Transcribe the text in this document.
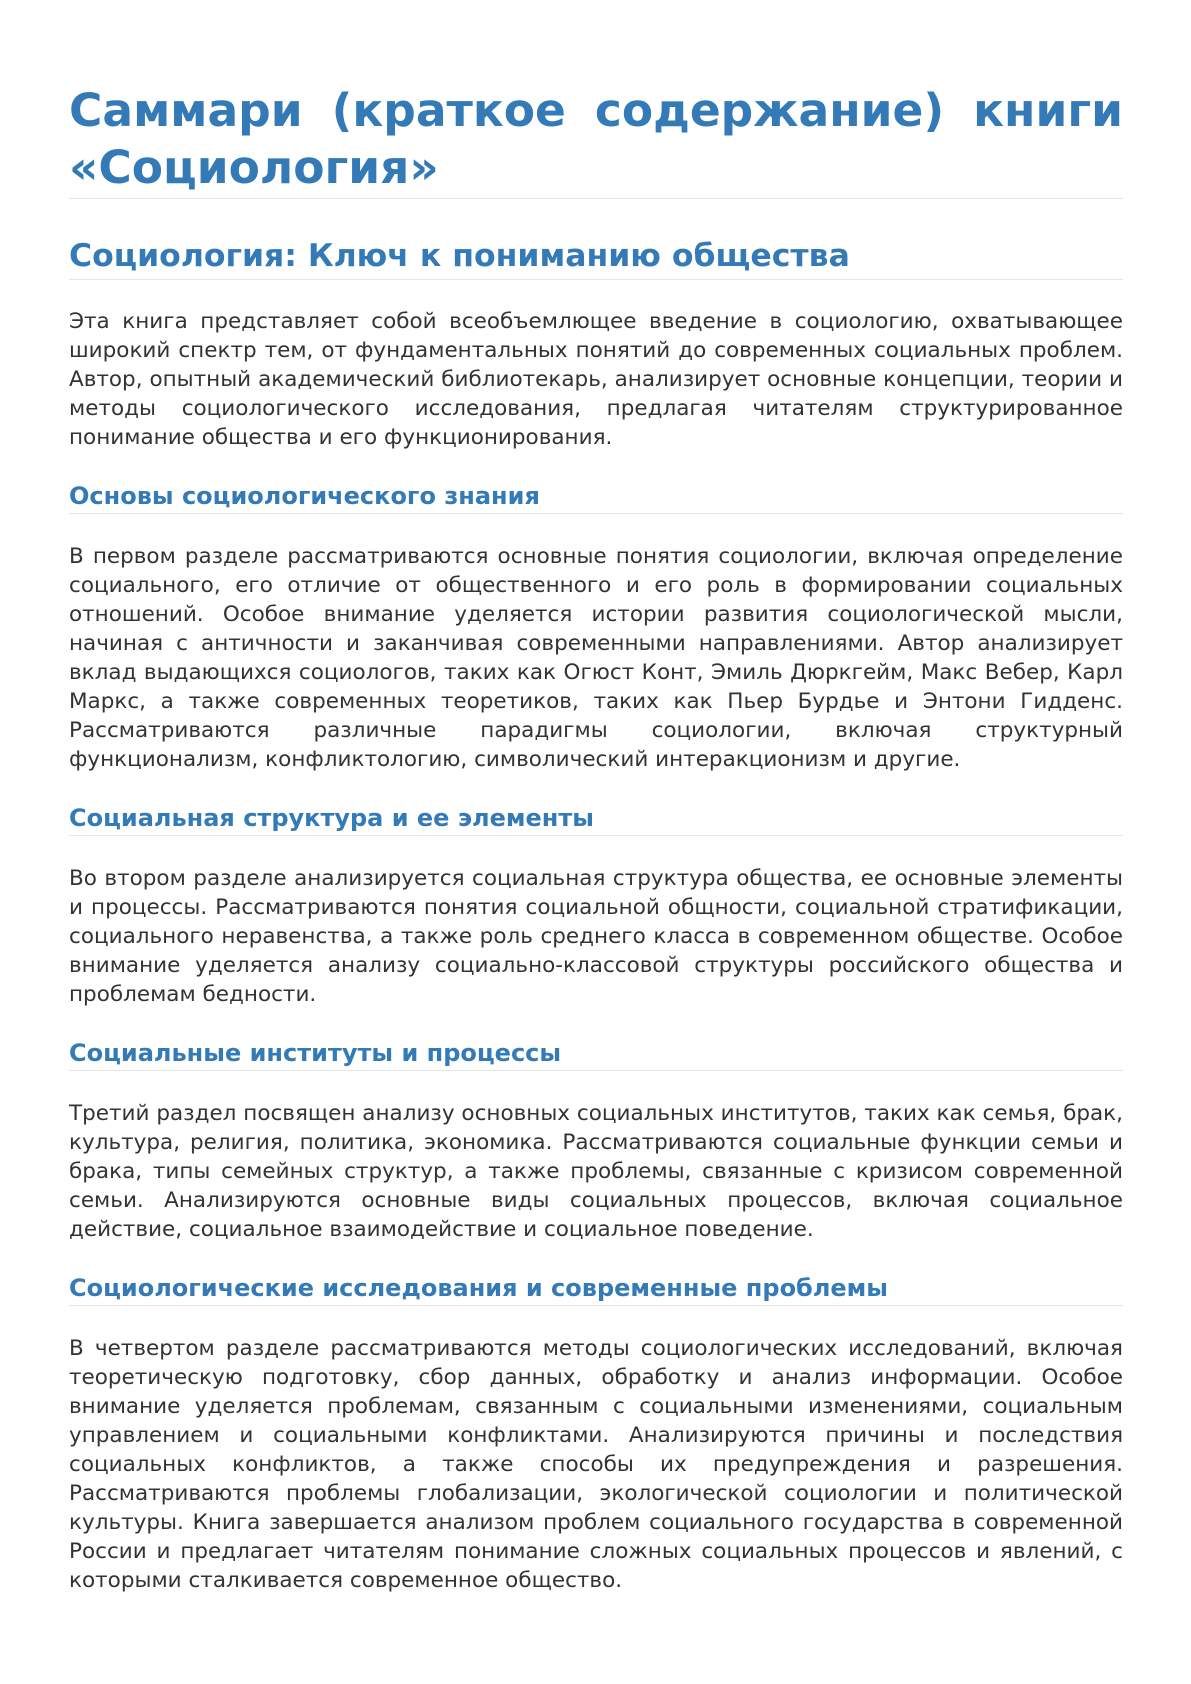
Саммари (краткое содержание) книги «Социология»
Социология: Ключ к пониманию общества

Эта книга представляет собой всеобъемлющее введение в социологию, охватывающее широкий спектр тем, от фундаментальных понятий до современных социальных проблем. Автор, опытный академический библиотекарь, анализирует основные концепции, теории и методы социологического исследования, предлагая читателям структурированное понимание общества и его функционирования.

Основы социологического знания

В первом разделе рассматриваются основные понятия социологии, включая определение социального, его отличие от общественного и его роль в формировании социальных отношений. Особое внимание уделяется истории развития социологической мысли, начиная с античности и заканчивая современными направлениями. Автор анализирует вклад выдающихся социологов, таких как Огюст Конт, Эмиль Дюркгейм, Макс Вебер, Карл Маркс, а также современных теоретиков, таких как Пьер Бурдье и Энтони Гидденс. Рассматриваются различные парадигмы социологии, включая структурный функционализм, конфликтологию, символический интеракционизм и другие.

Социальная структура и ее элементы

Во втором разделе анализируется социальная структура общества, ее основные элементы и процессы. Рассматриваются понятия социальной общности, социальной стратификации, социального неравенства, а также роль среднего класса в современном обществе. Особое внимание уделяется анализу социально-классовой структуры российского общества и проблемам бедности.

Социальные институты и процессы

Третий раздел посвящен анализу основных социальных институтов, таких как семья, брак, культура, религия, политика, экономика. Рассматриваются социальные функции семьи и брака, типы семейных структур, а также проблемы, связанные с кризисом современной семьи. Анализируются основные виды социальных процессов, включая социальное действие, социальное взаимодействие и социальное поведение.

Социологические исследования и современные проблемы

В четвертом разделе рассматриваются методы социологических исследований, включая теоретическую подготовку, сбор данных, обработку и анализ информации. Особое внимание уделяется проблемам, связанным с социальными изменениями, социальным управлением и социальными конфликтами. Анализируются причины и последствия социальных конфликтов, а также способы их предупреждения и разрешения. Рассматриваются проблемы глобализации, экологической социологии и политической культуры. Книга завершается анализом проблем социального государства в современной России и предлагает читателям понимание сложных социальных процессов и явлений, с которыми сталкивается современное общество.
